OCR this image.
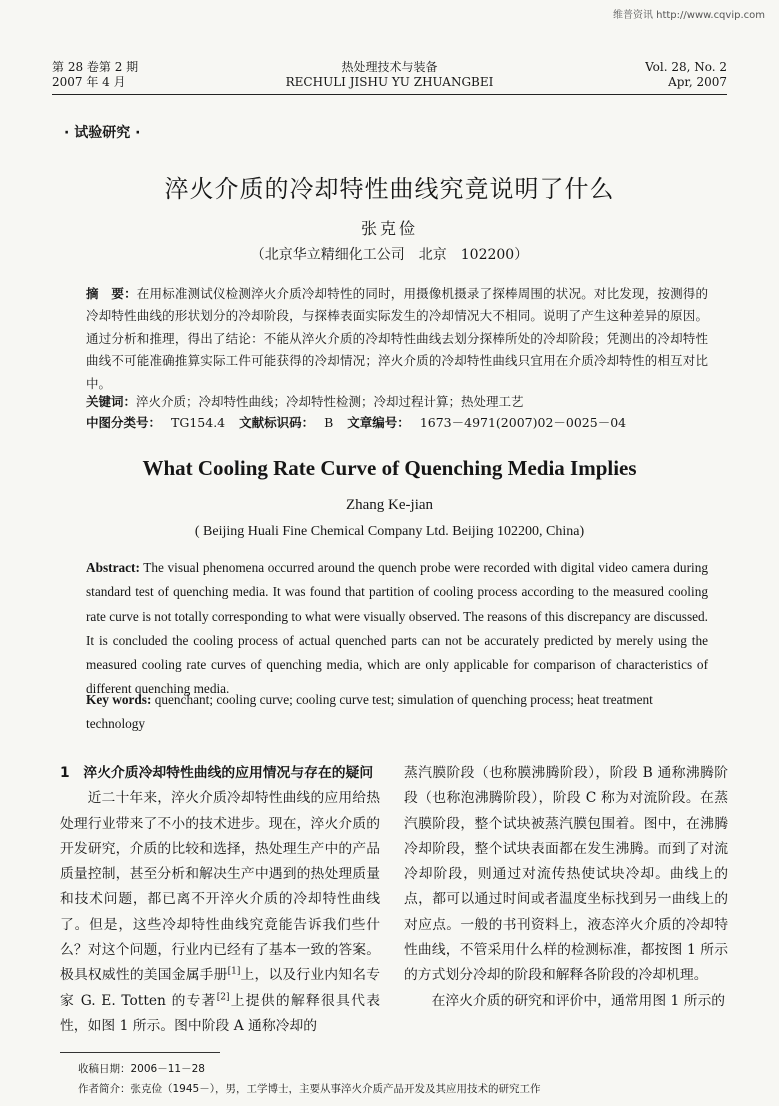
维普资讯 http://www.cqvip.com
第 28 卷第 2 期
2007 年 4 月
热处理技术与装备
RECHULI JISHU YU ZHUANGBEI
Vol. 28, No. 2
Apr, 2007
· 试验研究 ·
淬火介质的冷却特性曲线究竟说明了什么
张克俭
（北京华立精细化工公司　北京　102200）
摘　要：在用标准测试仪检测淬火介质冷却特性的同时，用摄像机摄录了探棒周围的状况。对比发现，按测得的冷却特性曲线的形状划分的冷却阶段，与探棒表面实际发生的冷却情况大不相同。说明了产生这种差异的原因。通过分析和推理，得出了结论：不能从淬火介质的冷却特性曲线去划分探棒所处的冷却阶段；凭测出的冷却特性曲线不可能准确推算实际工件可能获得的冷却情况；淬火介质的冷却特性曲线只宜用在介质冷却特性的相互对比中。
关键词：淬火介质；冷却特性曲线；冷却特性检测；冷却过程计算；热处理工艺
中图分类号： TG154.4 文献标识码： B 文章编号： 1673－4971(2007)02－0025－04
What Cooling Rate Curve of Quenching Media Implies
Zhang Ke-jian
( Beijing Huali Fine Chemical Company Ltd. Beijing 102200, China)
Abstract: The visual phenomena occurred around the quench probe were recorded with digital video camera during standard test of quenching media. It was found that partition of cooling process according to the measured cooling rate curve is not totally corresponding to what were visually observed. The reasons of this discrepancy are discussed. It is concluded the cooling process of actual quenched parts can not be accurately predicted by merely using the measured cooling rate curves of quenching media, which are only applicable for comparison of characteristics of different quenching media.
Key words: quenchant; cooling curve; cooling curve test; simulation of quenching process; heat treatment technology
1　淬火介质冷却特性曲线的应用情况与存在的疑问
近二十年来，淬火介质冷却特性曲线的应用给热处理行业带来了不小的技术进步。现在，淬火介质的开发研究，介质的比较和选择，热处理生产中的产品质量控制，甚至分析和解决生产中遇到的热处理质量和技术问题，都已离不开淬火介质的冷却特性曲线了。但是，这些冷却特性曲线究竟能告诉我们些什么？对这个问题，行业内已经有了基本一致的答案。极具权威性的美国金属手册[1]上，以及行业内知名专家 G. E. Totten 的专著[2]上提供的解释很具代表性，如图 1 所示。图中阶段 A 通称冷却的
蒸汽膜阶段（也称膜沸腾阶段），阶段 B 通称沸腾阶段（也称泡沸腾阶段），阶段 C 称为对流阶段。在蒸汽膜阶段，整个试块被蒸汽膜包围着。图中，在沸腾冷却阶段，整个试块表面都在发生沸腾。而到了对流冷却阶段，则通过对流传热使试块冷却。曲线上的点，都可以通过时间或者温度坐标找到另一曲线上的对应点。一般的书刊资料上，液态淬火介质的冷却特性曲线，不管采用什么样的检测标准，都按图 1 所示的方式划分冷却的阶段和解释各阶段的冷却机理。
在淬火介质的研究和评价中，通常用图 1 所示的
收稿日期：2006－11－28
作者简介：张克俭（1945－），男，工学博士，主要从事淬火介质产品开发及其应用技术的研究工作
